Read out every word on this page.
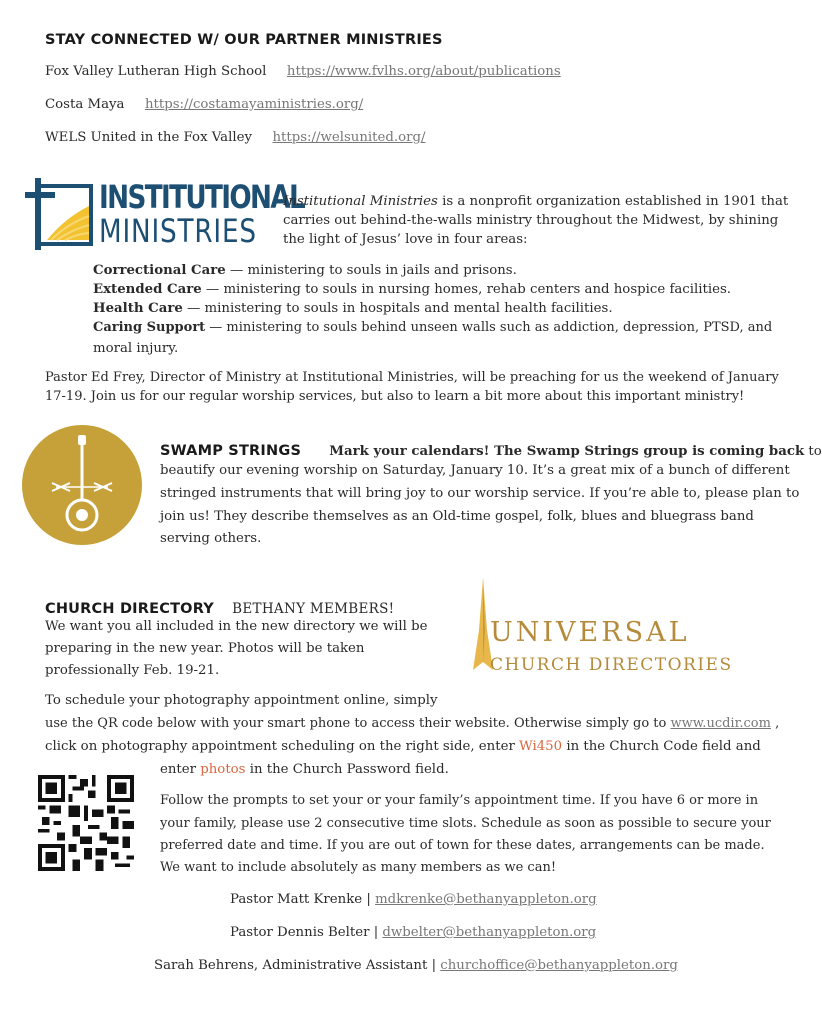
STAY CONNECTED W/ OUR PARTNER MINISTRIES
Fox Valley Lutheran High School https://www.fvlhs.org/about/publications
Costa Maya https://costamayaministries.org/
WELS United in the Fox Valley https://welsunited.org/
INSTITUTIONAL
MINISTRIES
Institutional Ministries is a nonprofit organization established in 1901 that
carries out behind-the-walls ministry throughout the Midwest, by shining
the light of Jesus’ love in four areas:
Correctional Care — ministering to souls in jails and prisons.
Extended Care — ministering to souls in nursing homes, rehab centers and hospice facilities.
Health Care — ministering to souls in hospitals and mental health facilities.
Caring Support — ministering to souls behind unseen walls such as addiction, depression, PTSD, and
moral injury.
Pastor Ed Frey, Director of Ministry at Institutional Ministries, will be preaching for us the weekend of January
17-19. Join us for our regular worship services, but also to learn a bit more about this important ministry!
SWAMP STRINGS Mark your calendars! The Swamp Strings group is coming back to
beautify our evening worship on Saturday, January 10. It’s a great mix of a bunch of different
stringed instruments that will bring joy to our worship service. If you’re able to, please plan to
join us! They describe themselves as an Old-time gospel, folk, blues and bluegrass band
serving others.
CHURCH DIRECTORY BETHANY MEMBERS!
We want you all included in the new directory we will be
preparing in the new year. Photos will be taken
professionally Feb. 19-21.
UNIVERSAL
CHURCH DIRECTORIES
To schedule your photography appointment online, simply
use the QR code below with your smart phone to access their website. Otherwise simply go to www.ucdir.com ,
click on photography appointment scheduling on the right side, enter Wi450 in the Church Code field and
enter photos in the Church Password field.
Follow the prompts to set your or your family’s appointment time. If you have 6 or more in
your family, please use 2 consecutive time slots. Schedule as soon as possible to secure your
preferred date and time. If you are out of town for these dates, arrangements can be made.
We want to include absolutely as many members as we can!
Pastor Matt Krenke | mdkrenke@bethanyappleton.org
Pastor Dennis Belter | dwbelter@bethanyappleton.org
Sarah Behrens, Administrative Assistant | churchoffice@bethanyappleton.org
